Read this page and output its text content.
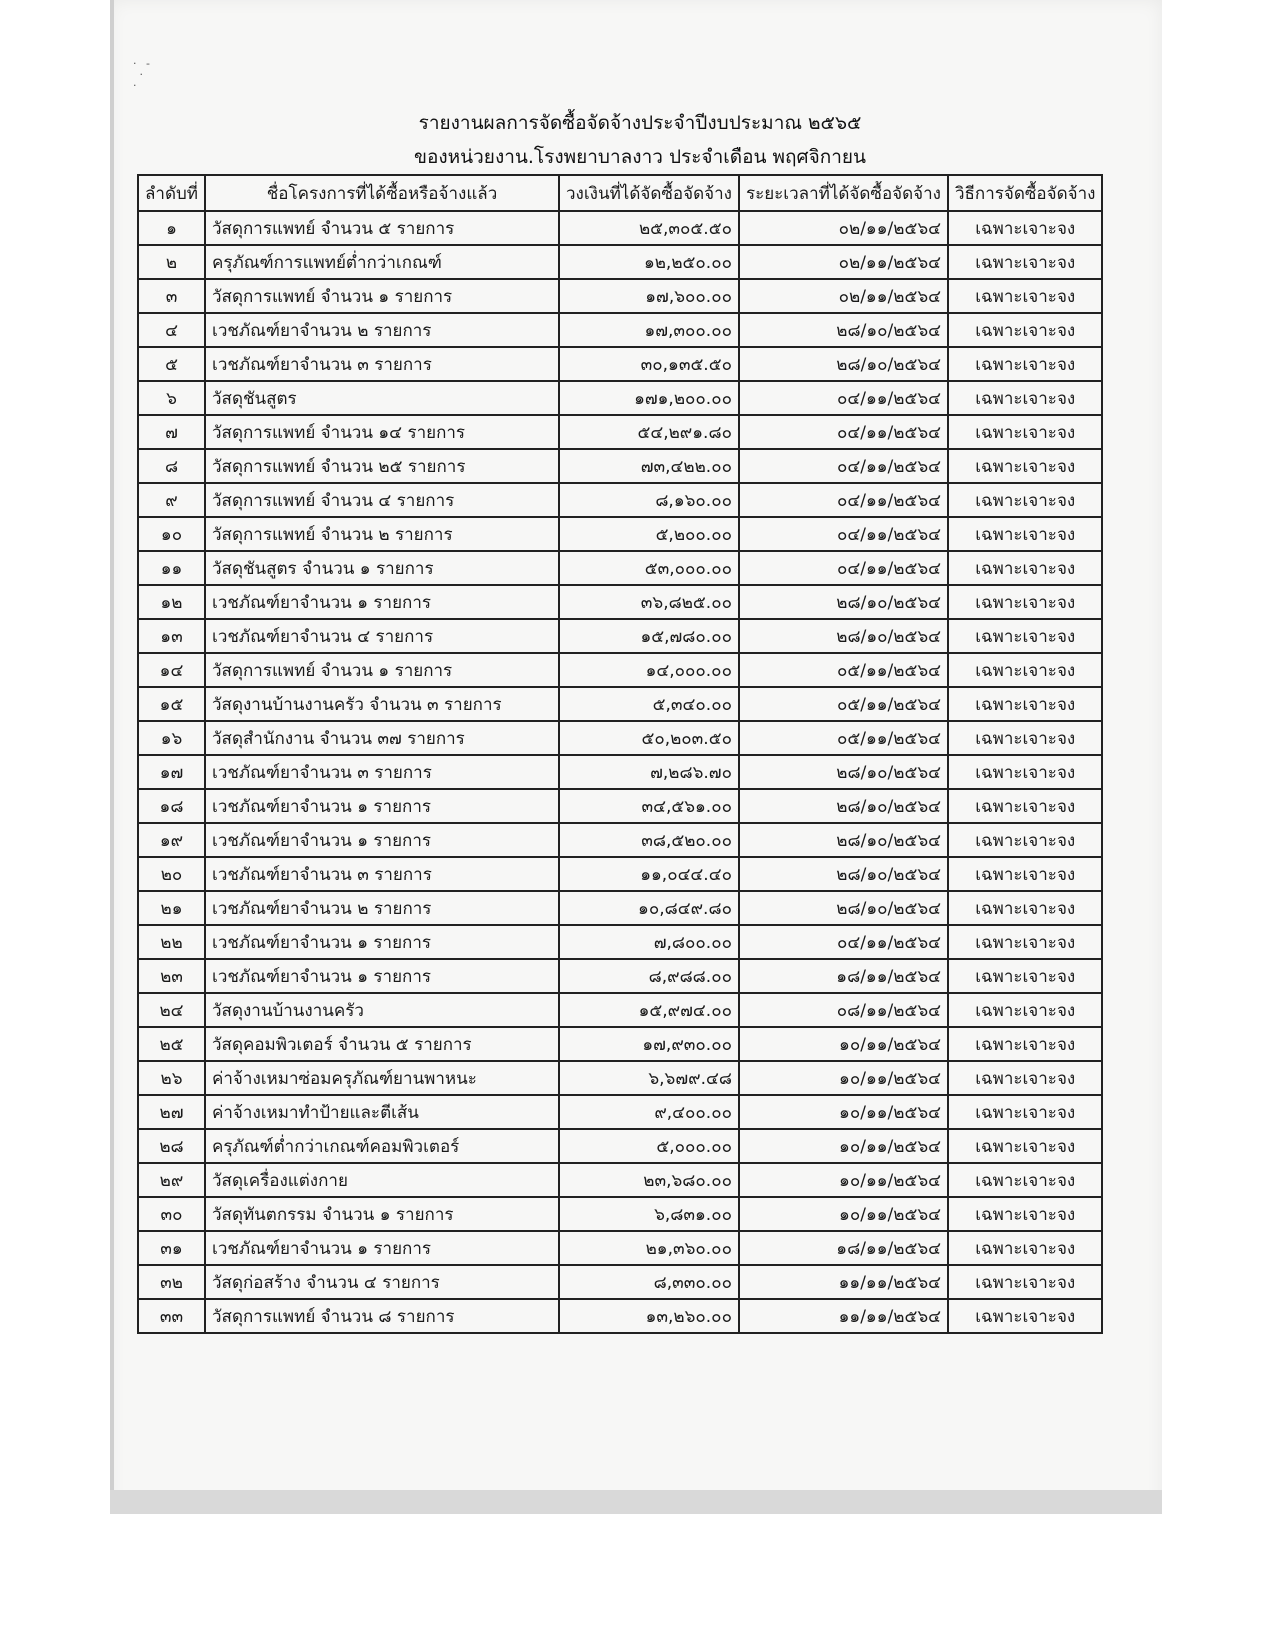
· -
·
·
รายงานผลการจัดซื้อจัดจ้างประจำปีงบประมาณ ๒๕๖๕
ของหน่วยงาน.โรงพยาบาลงาว ประจำเดือน พฤศจิกายน
ลำดับที่	ชื่อโครงการที่ได้ซื้อหรือจ้างแล้ว	วงเงินที่ได้จัดซื้อจัดจ้าง	ระยะเวลาที่ได้จัดซื้อจัดจ้าง	วิธีการจัดซื้อจัดจ้าง
๑	วัสดุการแพทย์ จำนวน ๕ รายการ	๒๕,๓๐๕.๕๐	๐๒/๑๑/๒๕๖๔	เฉพาะเจาะจง
๒	ครุภัณฑ์การแพทย์ต่ำกว่าเกณฑ์	๑๒,๒๕๐.๐๐	๐๒/๑๑/๒๕๖๔	เฉพาะเจาะจง
๓	วัสดุการแพทย์ จำนวน ๑ รายการ	๑๗,๖๐๐.๐๐	๐๒/๑๑/๒๕๖๔	เฉพาะเจาะจง
๔	เวชภัณฑ์ยาจำนวน ๒ รายการ	๑๗,๓๐๐.๐๐	๒๘/๑๐/๒๕๖๔	เฉพาะเจาะจง
๕	เวชภัณฑ์ยาจำนวน ๓ รายการ	๓๐,๑๓๕.๕๐	๒๘/๑๐/๒๕๖๔	เฉพาะเจาะจง
๖	วัสดุชันสูตร	๑๗๑,๒๐๐.๐๐	๐๔/๑๑/๒๕๖๔	เฉพาะเจาะจง
๗	วัสดุการแพทย์ จำนวน ๑๔ รายการ	๕๔,๒๙๑.๘๐	๐๔/๑๑/๒๕๖๔	เฉพาะเจาะจง
๘	วัสดุการแพทย์ จำนวน ๒๕ รายการ	๗๓,๔๒๒.๐๐	๐๔/๑๑/๒๕๖๔	เฉพาะเจาะจง
๙	วัสดุการแพทย์ จำนวน ๔ รายการ	๘,๑๖๐.๐๐	๐๔/๑๑/๒๕๖๔	เฉพาะเจาะจง
๑๐	วัสดุการแพทย์ จำนวน ๒ รายการ	๕,๒๐๐.๐๐	๐๔/๑๑/๒๕๖๔	เฉพาะเจาะจง
๑๑	วัสดุชันสูตร จำนวน ๑ รายการ	๕๓,๐๐๐.๐๐	๐๔/๑๑/๒๕๖๔	เฉพาะเจาะจง
๑๒	เวชภัณฑ์ยาจำนวน ๑ รายการ	๓๖,๘๒๕.๐๐	๒๘/๑๐/๒๕๖๔	เฉพาะเจาะจง
๑๓	เวชภัณฑ์ยาจำนวน ๔ รายการ	๑๕,๗๘๐.๐๐	๒๘/๑๐/๒๕๖๔	เฉพาะเจาะจง
๑๔	วัสดุการแพทย์ จำนวน ๑ รายการ	๑๔,๐๐๐.๐๐	๐๕/๑๑/๒๕๖๔	เฉพาะเจาะจง
๑๕	วัสดุงานบ้านงานครัว จำนวน ๓ รายการ	๕,๓๔๐.๐๐	๐๕/๑๑/๒๕๖๔	เฉพาะเจาะจง
๑๖	วัสดุสำนักงาน จำนวน ๓๗ รายการ	๕๐,๒๐๓.๕๐	๐๕/๑๑/๒๕๖๔	เฉพาะเจาะจง
๑๗	เวชภัณฑ์ยาจำนวน ๓ รายการ	๗,๒๘๖.๗๐	๒๘/๑๐/๒๕๖๔	เฉพาะเจาะจง
๑๘	เวชภัณฑ์ยาจำนวน ๑ รายการ	๓๔,๕๖๑.๐๐	๒๘/๑๐/๒๕๖๔	เฉพาะเจาะจง
๑๙	เวชภัณฑ์ยาจำนวน ๑ รายการ	๓๘,๕๒๐.๐๐	๒๘/๑๐/๒๕๖๔	เฉพาะเจาะจง
๒๐	เวชภัณฑ์ยาจำนวน ๓ รายการ	๑๑,๐๔๔.๔๐	๒๘/๑๐/๒๕๖๔	เฉพาะเจาะจง
๒๑	เวชภัณฑ์ยาจำนวน ๒ รายการ	๑๐,๘๔๙.๘๐	๒๘/๑๐/๒๕๖๔	เฉพาะเจาะจง
๒๒	เวชภัณฑ์ยาจำนวน ๑ รายการ	๗,๘๐๐.๐๐	๐๔/๑๑/๒๕๖๔	เฉพาะเจาะจง
๒๓	เวชภัณฑ์ยาจำนวน ๑ รายการ	๘,๙๘๘.๐๐	๑๘/๑๑/๒๕๖๔	เฉพาะเจาะจง
๒๔	วัสดุงานบ้านงานครัว	๑๕,๙๗๔.๐๐	๐๘/๑๑/๒๕๖๔	เฉพาะเจาะจง
๒๕	วัสดุคอมพิวเตอร์ จำนวน ๕ รายการ	๑๗,๙๓๐.๐๐	๑๐/๑๑/๒๕๖๔	เฉพาะเจาะจง
๒๖	ค่าจ้างเหมาซ่อมครุภัณฑ์ยานพาหนะ	๖,๖๗๙.๔๘	๑๐/๑๑/๒๕๖๔	เฉพาะเจาะจง
๒๗	ค่าจ้างเหมาทำป้ายและตีเส้น	๙,๔๐๐.๐๐	๑๐/๑๑/๒๕๖๔	เฉพาะเจาะจง
๒๘	ครุภัณฑ์ต่ำกว่าเกณฑ์คอมพิวเตอร์	๕,๐๐๐.๐๐	๑๐/๑๑/๒๕๖๔	เฉพาะเจาะจง
๒๙	วัสดุเครื่องแต่งกาย	๒๓,๖๘๐.๐๐	๑๐/๑๑/๒๕๖๔	เฉพาะเจาะจง
๓๐	วัสดุทันตกรรม จำนวน ๑ รายการ	๖,๘๓๑.๐๐	๑๐/๑๑/๒๕๖๔	เฉพาะเจาะจง
๓๑	เวชภัณฑ์ยาจำนวน ๑ รายการ	๒๑,๓๖๐.๐๐	๑๘/๑๑/๒๕๖๔	เฉพาะเจาะจง
๓๒	วัสดุก่อสร้าง จำนวน ๔ รายการ	๘,๓๓๐.๐๐	๑๑/๑๑/๒๕๖๔	เฉพาะเจาะจง
๓๓	วัสดุการแพทย์ จำนวน ๘ รายการ	๑๓,๒๖๐.๐๐	๑๑/๑๑/๒๕๖๔	เฉพาะเจาะจง
